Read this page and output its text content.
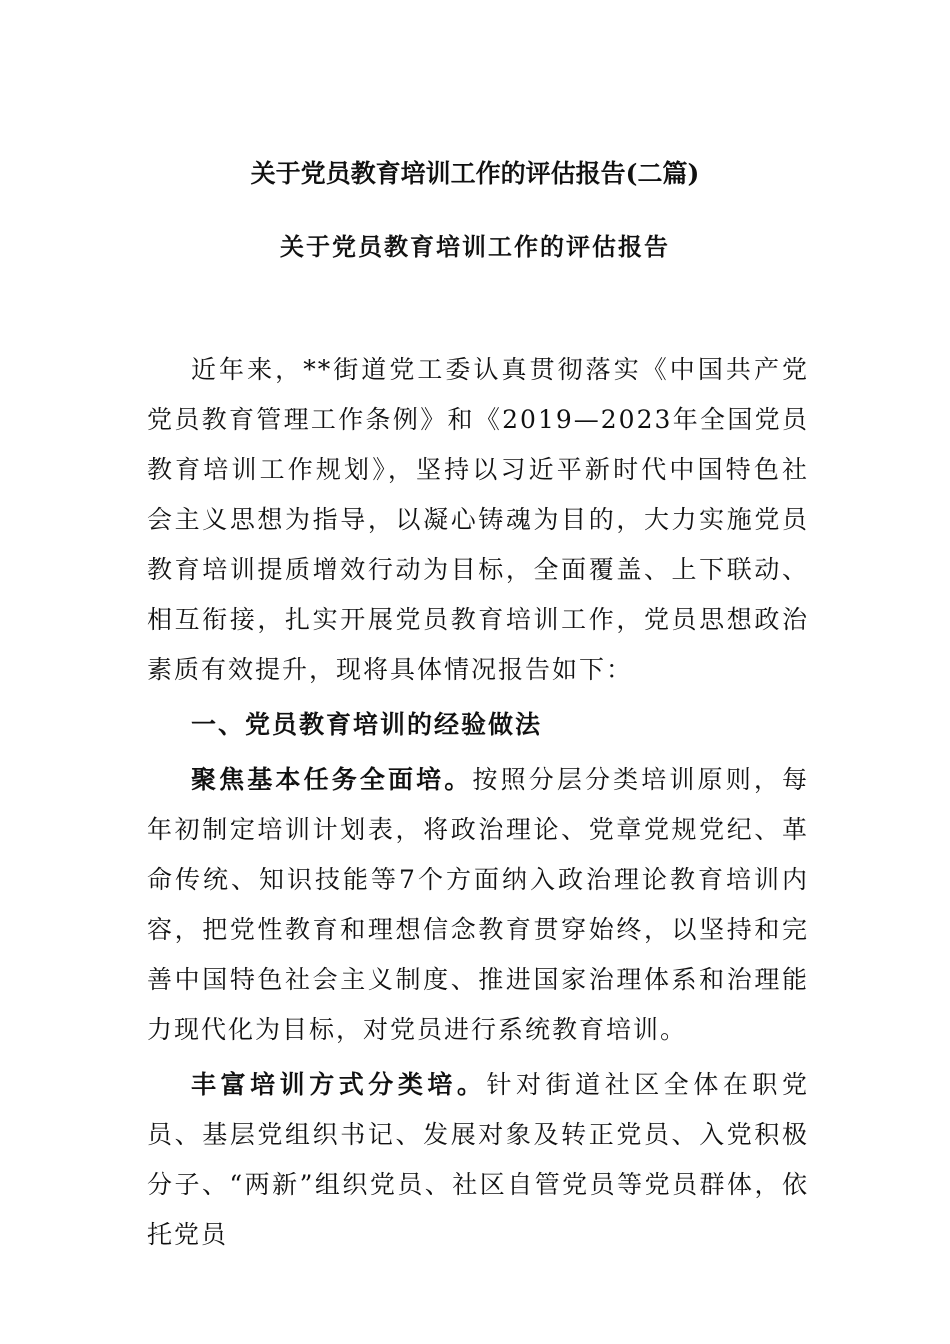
关于党员教育培训工作的评估报告(二篇)
关于党员教育培训工作的评估报告

近年来，**街道党工委认真贯彻落实《中国共产党党员教育管理工作条例》和《2019—2023年全国党员教育培训工作规划》，坚持以习近平新时代中国特色社会主义思想为指导，以凝心铸魂为目的，大力实施党员教育培训提质增效行动为目标，全面覆盖、上下联动、相互衔接，扎实开展党员教育培训工作，党员思想政治素质有效提升，现将具体情况报告如下：

一、党员教育培训的经验做法

聚焦基本任务全面培。按照分层分类培训原则，每年初制定培训计划表，将政治理论、党章党规党纪、革命传统、知识技能等7个方面纳入政治理论教育培训内容，把党性教育和理想信念教育贯穿始终，以坚持和完善中国特色社会主义制度、推进国家治理体系和治理能力现代化为目标，对党员进行系统教育培训。

丰富培训方式分类培。针对街道社区全体在职党员、基层党组织书记、发展对象及转正党员、入党积极分子、“两新”组织党员、社区自管党员等党员群体，依托党员
